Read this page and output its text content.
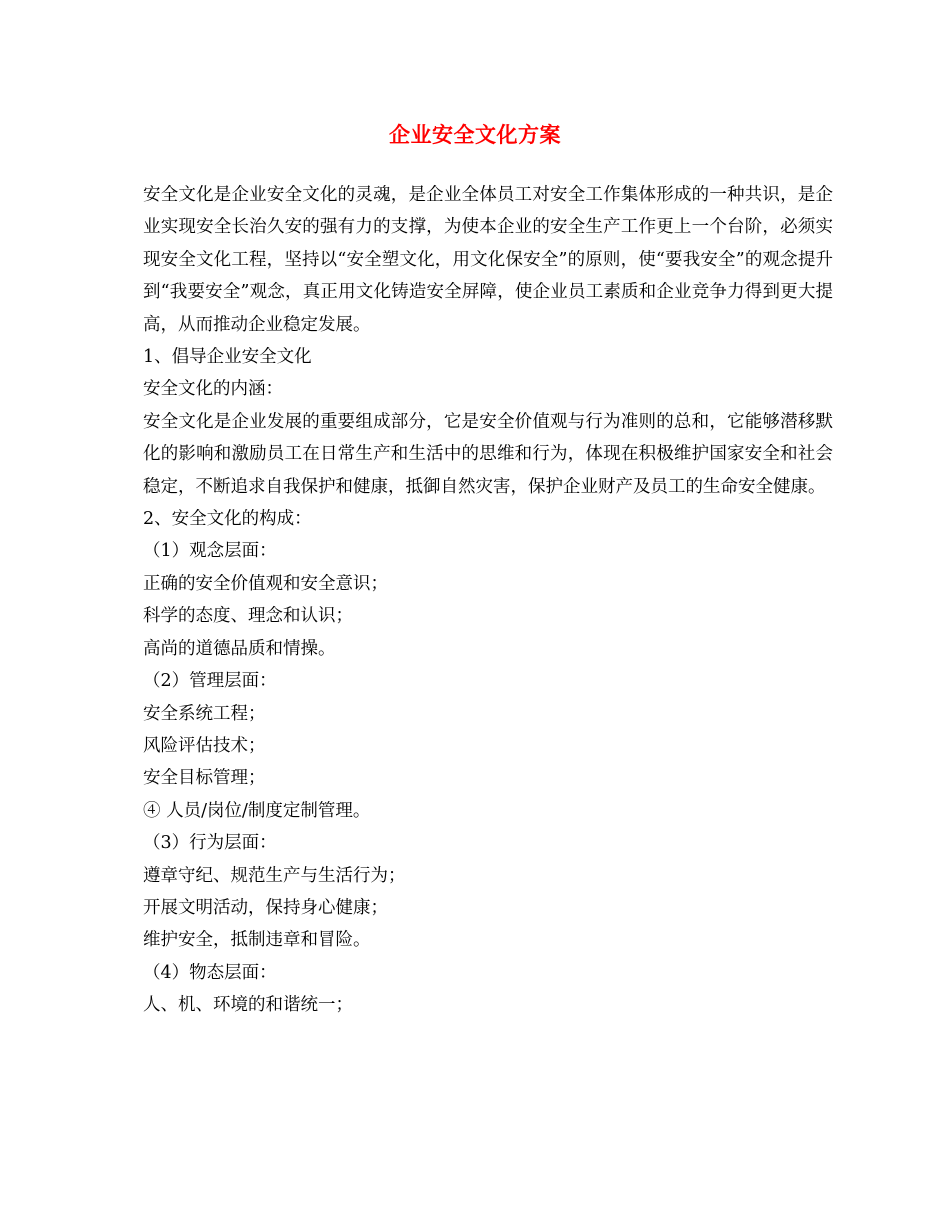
企业安全文化方案

安全文化是企业安全文化的灵魂，是企业全体员工对安全工作集体形成的一种共识，是企业实现安全长治久安的强有力的支撑，为使本企业的安全生产工作更上一个台阶，必须实现安全文化工程，坚持以“安全塑文化，用文化保安全”的原则，使“要我安全”的观念提升到“我要安全”观念，真正用文化铸造安全屏障，使企业员工素质和企业竞争力得到更大提高，从而推动企业稳定发展。

1、倡导企业安全文化

安全文化的内涵：

安全文化是企业发展的重要组成部分，它是安全价值观与行为准则的总和，它能够潜移默化的影响和激励员工在日常生产和生活中的思维和行为，体现在积极维护国家安全和社会稳定，不断追求自我保护和健康，抵御自然灾害，保护企业财产及员工的生命安全健康。

2、安全文化的构成：

（1）观念层面：

正确的安全价值观和安全意识；

科学的态度、理念和认识；

高尚的道德品质和情操。

（2）管理层面：

安全系统工程；

风险评估技术；

安全目标管理；

④ 人员/岗位/制度定制管理。

（3）行为层面：

遵章守纪、规范生产与生活行为；

开展文明活动，保持身心健康；

维护安全，抵制违章和冒险。

（4）物态层面：

人、机、环境的和谐统一；
